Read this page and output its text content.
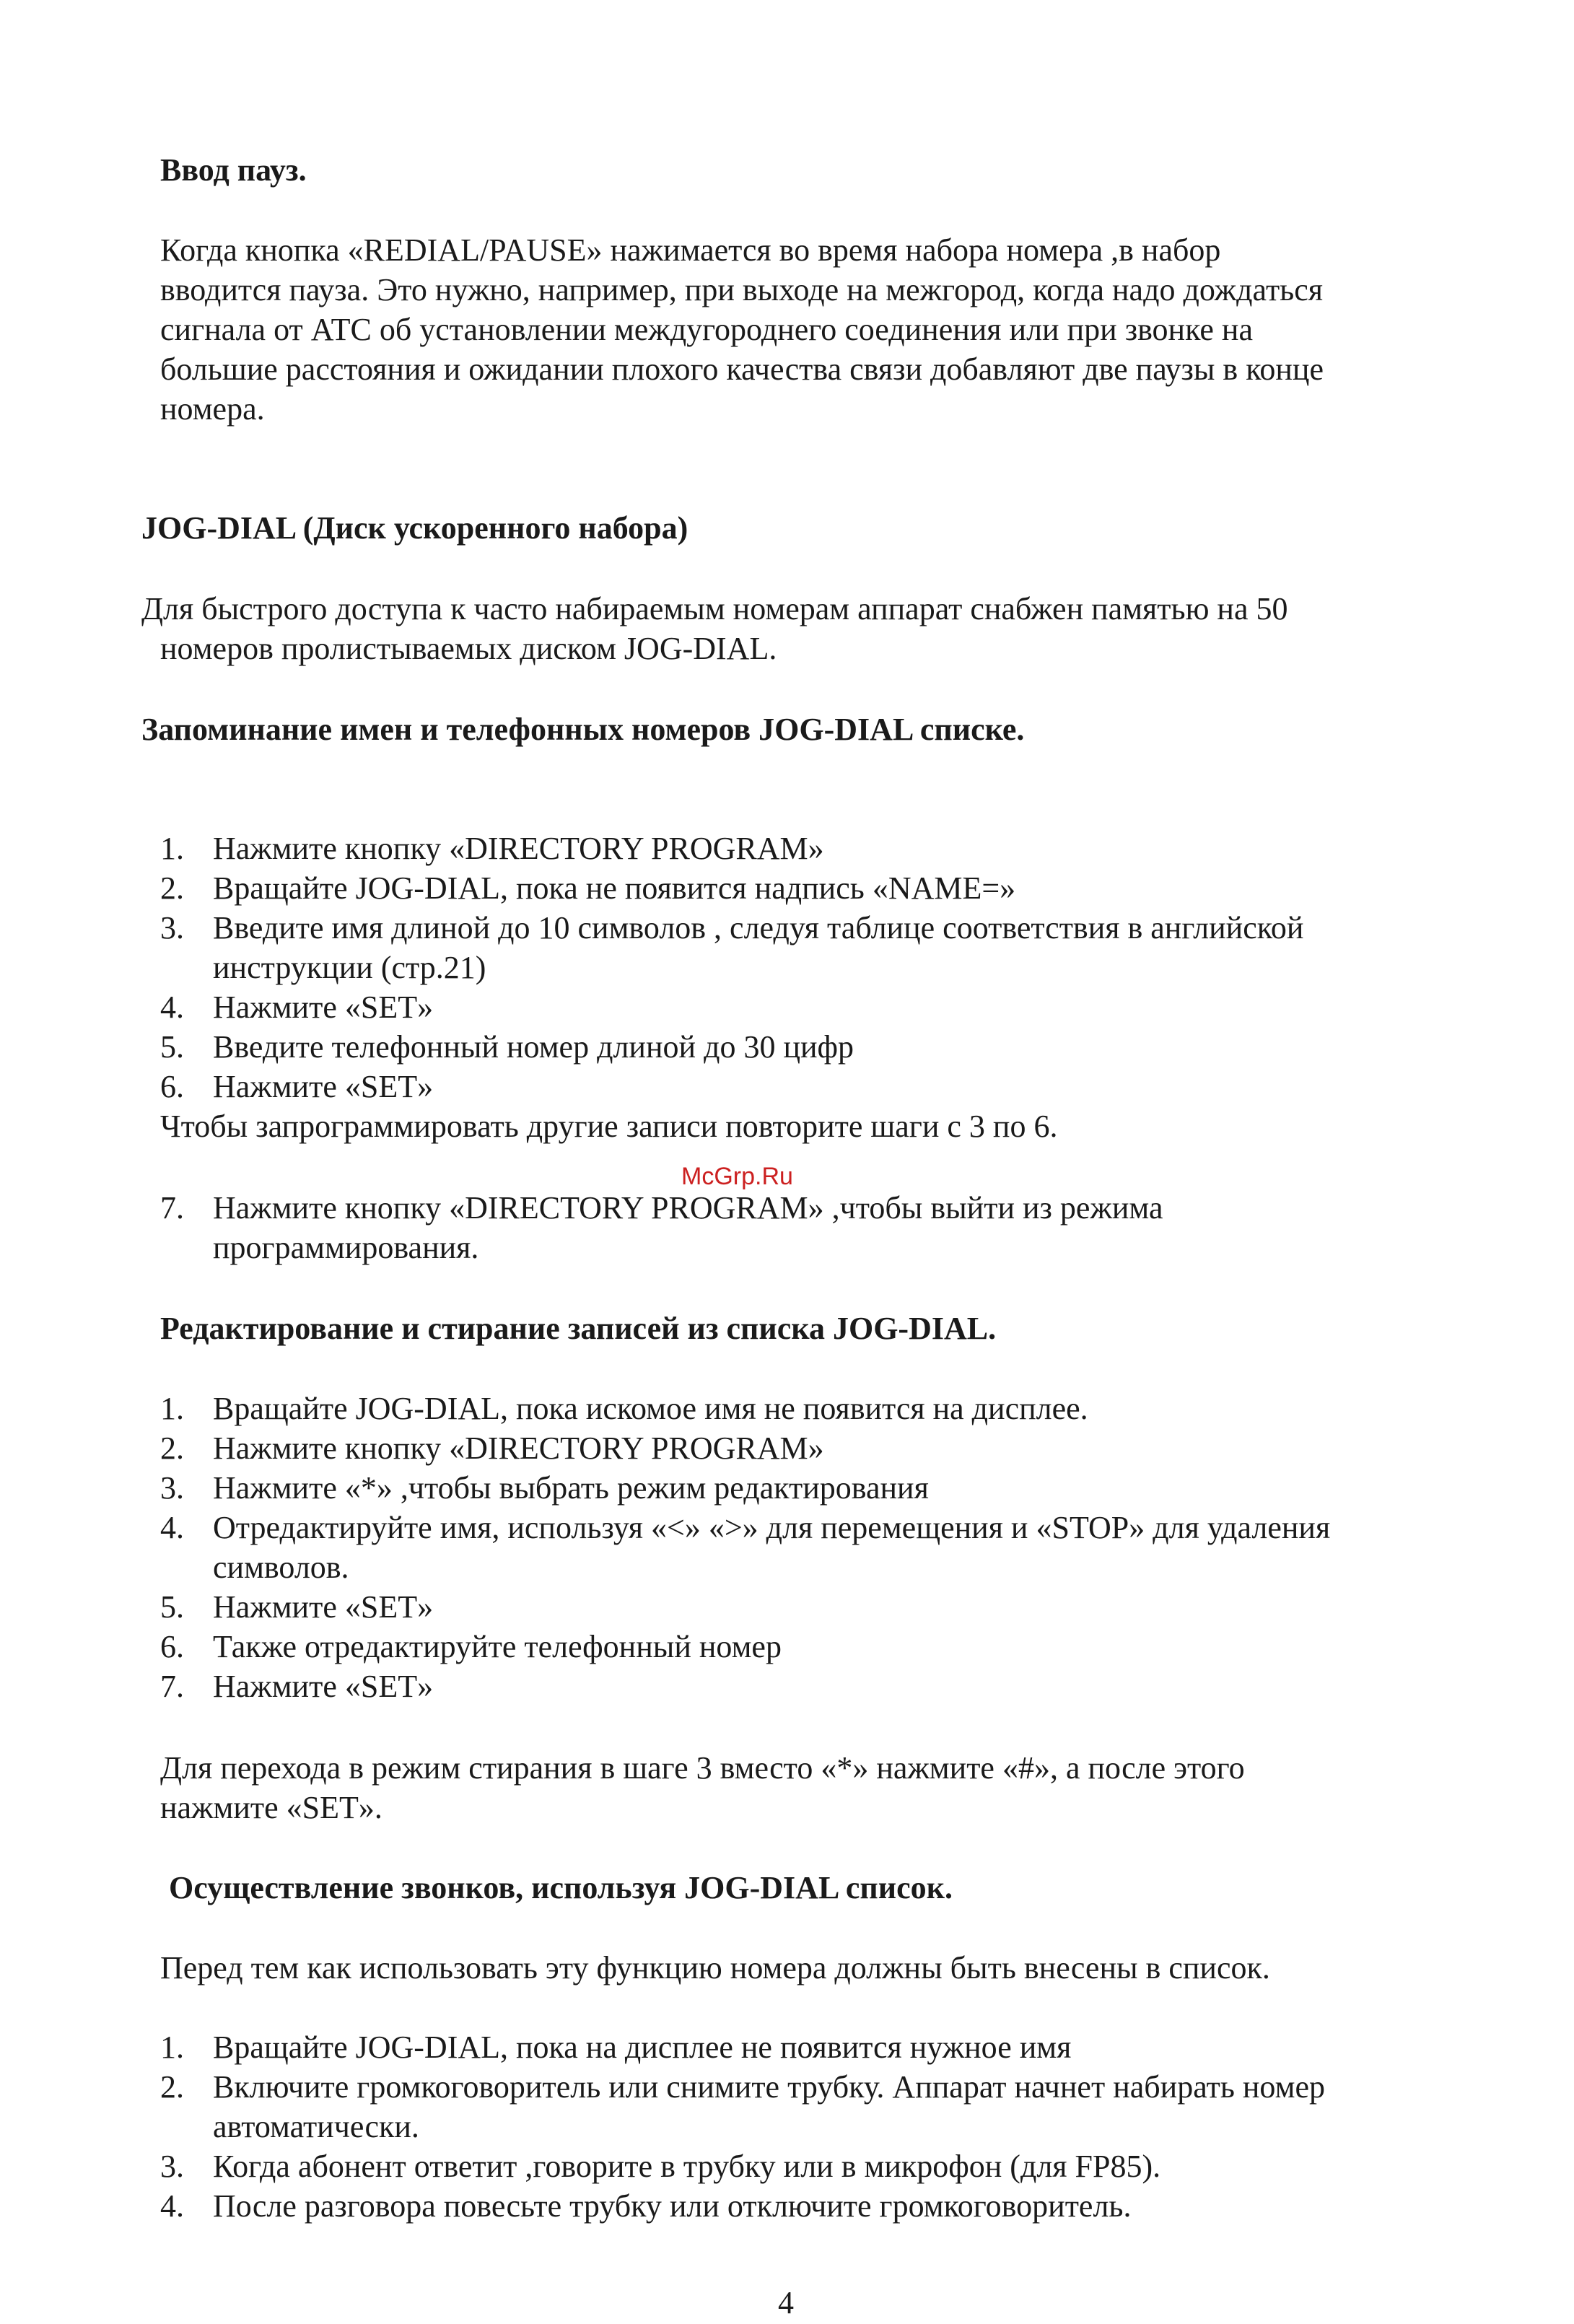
Ввод пауз.

Когда кнопка «REDIAL/PAUSE» нажимается во время набора номера ,в набор
вводится пауза. Это нужно, например, при выходе на межгород, когда надо дождаться
сигнала от АТС об установлении междугороднего соединения или при звонке на
большие расстояния и ожидании плохого качества связи добавляют две паузы в конце
номера.

JOG-DIAL (Диск ускоренного набора)

Для быстрого доступа к часто набираемым номерам аппарат снабжен памятью на 50
номеров пролистываемых диском JOG-DIAL.

Запоминание имен и телефонных номеров JOG-DIAL списке.

1. Нажмите кнопку «DIRECTORY PROGRAM»
2. Вращайте JOG-DIAL, пока не появится надпись «NAME=»
3. Введите имя длиной до 10 символов , следуя таблице соответствия в английской
инструкции (стр.21)
4. Нажмите «SET»
5. Введите телефонный номер длиной до 30 цифр
6. Нажмите «SET»

Чтобы запрограммировать другие записи повторите шаги с 3 по 6.

McGrp.Ru
7. Нажмите кнопку «DIRECTORY PROGRAM» ,чтобы выйти из режима
программирования.

Редактирование и стирание записей из списка JOG-DIAL.

1. Вращайте JOG-DIAL, пока искомое имя не появится на дисплее.
2. Нажмите кнопку «DIRECTORY PROGRAM»
3. Нажмите «*» ,чтобы выбрать режим редактирования
4. Отредактируйте имя, используя «<» «>» для перемещения и «STOP» для удаления
символов.
5. Нажмите «SET»
6. Также отредактируйте телефонный номер
7. Нажмите «SET»
Для перехода в режим стирания в шаге 3 вместо «*» нажмите «#», а после этого
нажмите «SET».

Осуществление звонков, используя JOG-DIAL список.

Перед тем как использовать эту функцию номера должны быть внесены в список.

1. Вращайте JOG-DIAL, пока на дисплее не появится нужное имя
2. Включите громкоговоритель или снимите трубку. Аппарат начнет набирать номер
автоматически.
3. Когда абонент ответит ,говорите в трубку или в микрофон (для FP85).
4. После разговора повесьте трубку или отключите громкоговоритель.
4
